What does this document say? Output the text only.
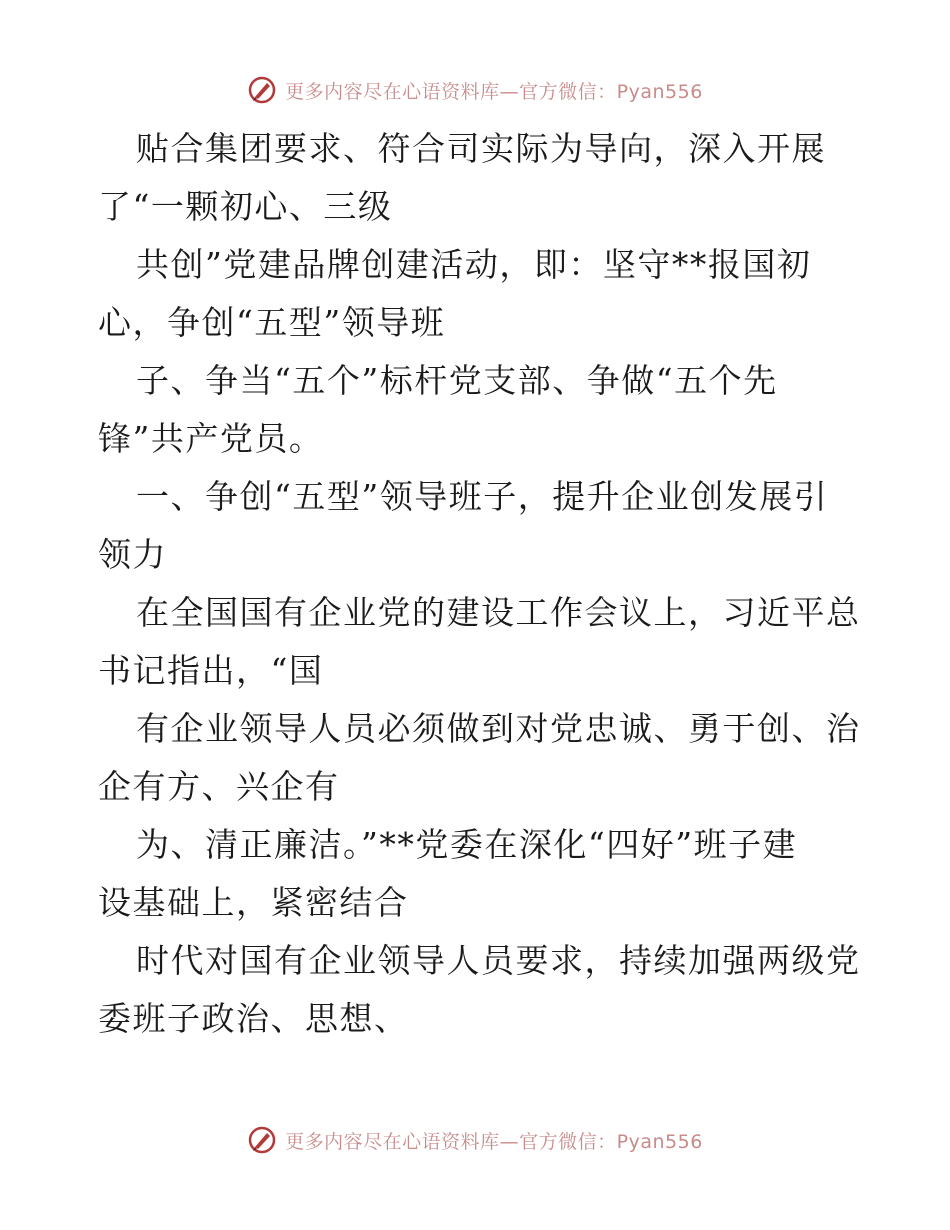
更多内容尽在心语资料库—官方微信：Pyan556
贴合集团要求、符合司实际为导向，深入开展
了“一颗初心、三级
共创”党建品牌创建活动，即：坚守**报国初
心，争创“五型”领导班
子、争当“五个”标杆党支部、争做“五个先
锋”共产党员。
一、争创“五型”领导班子，提升企业创发展引
领力
在全国国有企业党的建设工作会议上，习近平总
书记指出，“国
有企业领导人员必须做到对党忠诚、勇于创、治
企有方、兴企有
为、清正廉洁。”**党委在深化“四好”班子建
设基础上，紧密结合
时代对国有企业领导人员要求，持续加强两级党
委班子政治、思想、
更多内容尽在心语资料库—官方微信：Pyan556
